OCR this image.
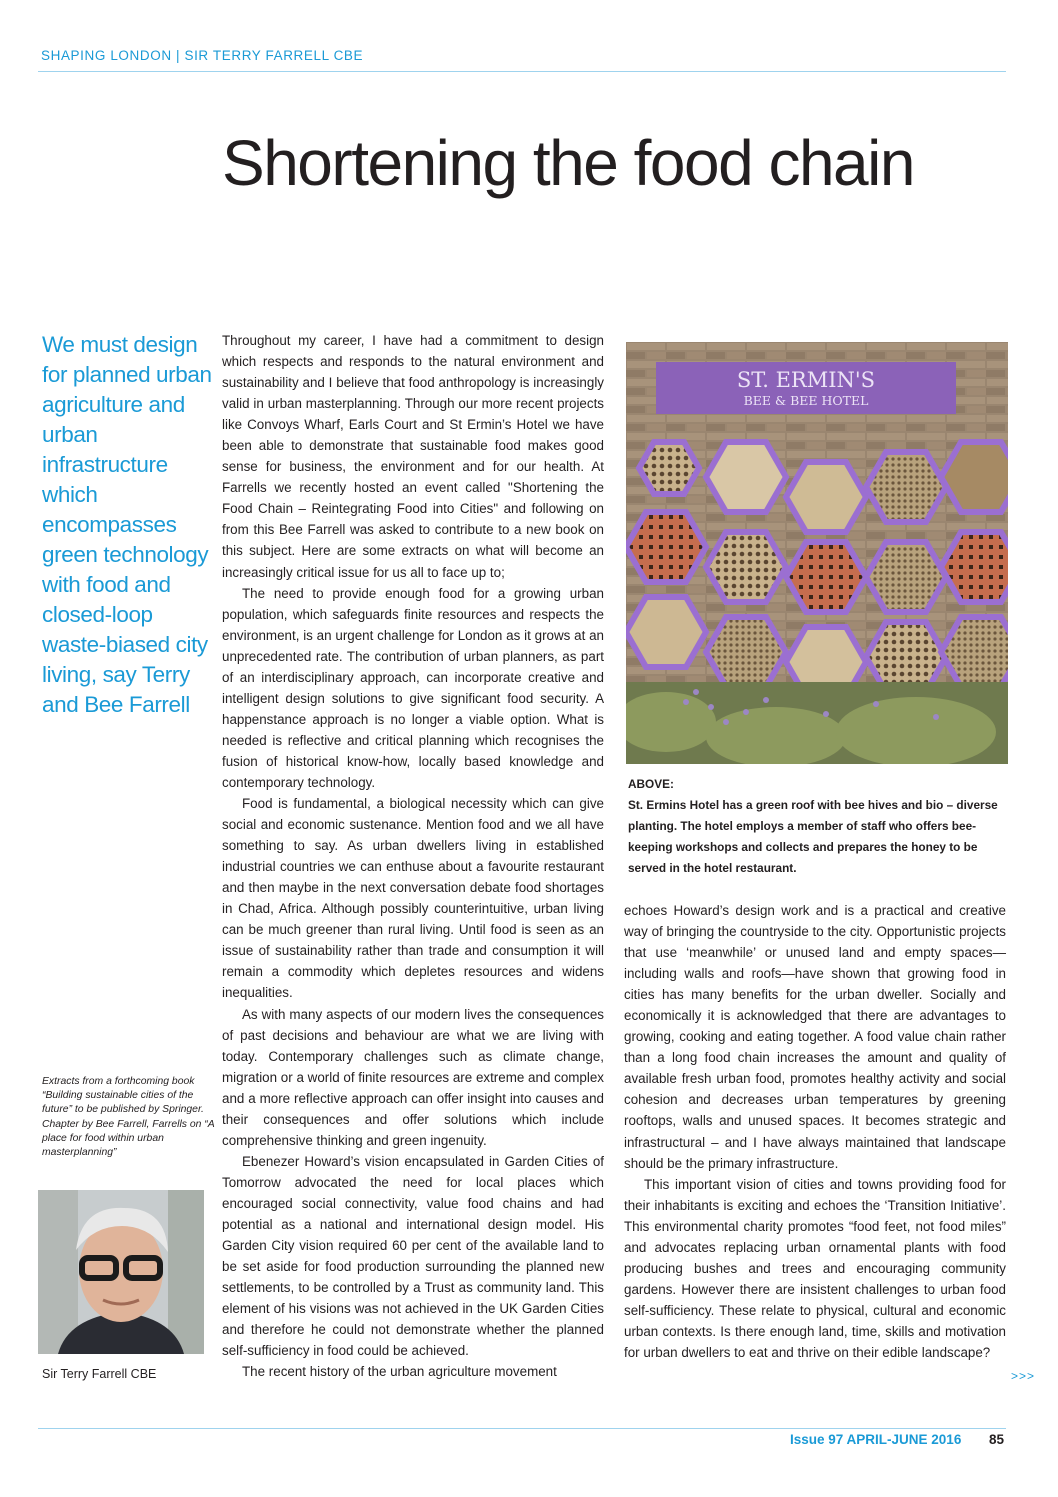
SHAPING LONDON | SIR TERRY FARRELL CBE
Shortening the food chain
We must design for planned urban agriculture and urban infrastructure which encompasses green technology with food and closed-loop waste-biased city living, say Terry and Bee Farrell

Throughout my career, I have had a commitment to design which respects and responds to the natural environment and sustainability and I believe that food anthropology is increasingly valid in urban masterplanning. Through our more recent projects like Convoys Wharf, Earls Court and St Ermin’s Hotel we have been able to demonstrate that sustainable food makes good sense for business, the environment and for our health. At Farrells we recently hosted an event called "Shortening the Food Chain – Reintegrating Food into Cities" and following on from this Bee Farrell was asked to contribute to a new book on this subject. Here are some extracts on what will become an increasingly critical issue for us all to face up to;

The need to provide enough food for a growing urban population, which safeguards finite resources and respects the environment, is an urgent challenge for London as it grows at an unprecedented rate. The contribution of urban planners, as part of an interdisciplinary approach, can incorporate creative and intelligent design solutions to give significant food security. A happenstance approach is no longer a viable option. What is needed is reflective and critical planning which recognises the fusion of historical know-how, locally based knowledge and contemporary technology.

Food is fundamental, a biological necessity which can give social and economic sustenance. Mention food and we all have something to say. As urban dwellers living in established industrial countries we can enthuse about a favourite restaurant and then maybe in the next conversation debate food shortages in Chad, Africa. Although possibly counterintuitive, urban living can be much greener than rural living. Until food is seen as an issue of sustainability rather than trade and consumption it will remain a commodity which depletes resources and widens inequalities.

As with many aspects of our modern lives the consequences of past decisions and behaviour are what we are living with today. Contemporary challenges such as climate change, migration or a world of finite resources are extreme and complex and a more reflective approach can offer insight into causes and their consequences and offer solutions which include comprehensive thinking and green ingenuity.

Ebenezer Howard’s vision encapsulated in Garden Cities of Tomorrow advocated the need for local places which encouraged social connectivity, value food chains and had potential as a national and international design model. His Garden City vision required 60 per cent of the available land to be set aside for food production surrounding the planned new settlements, to be controlled by a Trust as community land. This element of his visions was not achieved in the UK Garden Cities and therefore he could not demonstrate whether the planned self-sufficiency in food could be achieved.

The recent history of the urban agriculture movement

ST. ERMIN'S
BEE & BEE HOTEL
ABOVE:
St. Ermins Hotel has a green roof with bee hives and bio – diverse planting. The hotel employs a member of staff who offers bee-keeping workshops and collects and prepares the honey to be served in the hotel restaurant.

echoes Howard’s design work and is a practical and creative way of bringing the countryside to the city. Opportunistic projects that use ‘meanwhile’ or unused land and empty spaces—including walls and roofs—have shown that growing food in cities has many benefits for the urban dweller. Socially and economically it is acknowledged that there are advantages to growing, cooking and eating together. A food value chain rather than a long food chain increases the amount and quality of available fresh urban food, promotes healthy activity and social cohesion and decreases urban temperatures by greening rooftops, walls and unused spaces. It becomes strategic and infrastructural – and I have always maintained that landscape should be the primary infrastructure.

This important vision of cities and towns providing food for their inhabitants is exciting and echoes the ‘Transition Initiative’. This environmental charity promotes “food feet, not food miles” and advocates replacing urban ornamental plants with food producing bushes and trees and encouraging community gardens. However there are insistent challenges to urban food self-sufficiency. These relate to physical, cultural and economic urban contexts. Is there enough land, time, skills and motivation for urban dwellers to eat and thrive on their edible landscape?

Extracts from a forthcoming book “Building sustainable cities of the future” to be published by Springer. Chapter by Bee Farrell, Farrells on “A place for food within urban masterplanning”
Sir Terry Farrell CBE	>>>
Issue 97 APRIL-JUNE 2016 85
